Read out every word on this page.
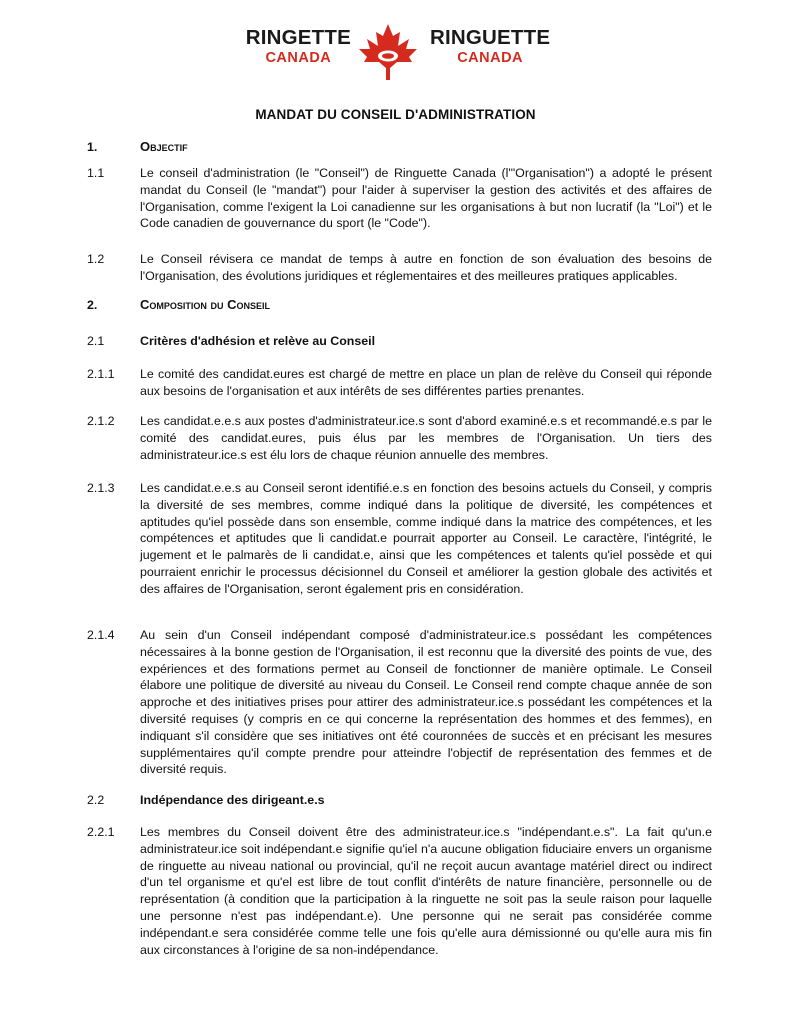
RINGETTE
CANADA
RINGUETTE
CANADA
MANDAT DU CONSEIL D'ADMINISTRATION
1.	Objectif
1.1	Le conseil d'administration (le "Conseil") de Ringuette Canada (l'"Organisation") a adopté le présent mandat du Conseil (le "mandat") pour l'aider à superviser la gestion des activités et des affaires de l'Organisation, comme l'exigent la Loi canadienne sur les organisations à but non lucratif (la "Loi") et le Code canadien de gouvernance du sport (le "Code").
1.2	Le Conseil révisera ce mandat de temps à autre en fonction de son évaluation des besoins de l'Organisation, des évolutions juridiques et réglementaires et des meilleures pratiques applicables.
2.	Composition du Conseil
2.1	Critères d'adhésion et relève au Conseil
2.1.1 Le comité des candidat.eures est chargé de mettre en place un plan de relève du Conseil qui réponde aux besoins de l'organisation et aux intérêts de ses différentes parties prenantes.
2.1.2 Les candidat.e.e.s aux postes d'administrateur.ice.s sont d'abord examiné.e.s et recommandé.e.s par le comité des candidat.eures, puis élus par les membres de l'Organisation. Un tiers des administrateur.ice.s est élu lors de chaque réunion annuelle des membres.
2.1.3 Les candidat.e.e.s au Conseil seront identifié.e.s en fonction des besoins actuels du Conseil, y compris la diversité de ses membres, comme indiqué dans la politique de diversité, les compétences et aptitudes qu'iel possède dans son ensemble, comme indiqué dans la matrice des compétences, et les compétences et aptitudes que li candidat.e pourrait apporter au Conseil. Le caractère, l'intégrité, le jugement et le palmarès de li candidat.e, ainsi que les compétences et talents qu'iel possède et qui pourraient enrichir le processus décisionnel du Conseil et améliorer la gestion globale des activités et des affaires de l'Organisation, seront également pris en considération.
2.1.4 Au sein d'un Conseil indépendant composé d'administrateur.ice.s possédant les compétences nécessaires à la bonne gestion de l'Organisation, il est reconnu que la diversité des points de vue, des expériences et des formations permet au Conseil de fonctionner de manière optimale. Le Conseil élabore une politique de diversité au niveau du Conseil. Le Conseil rend compte chaque année de son approche et des initiatives prises pour attirer des administrateur.ice.s possédant les compétences et la diversité requises (y compris en ce qui concerne la représentation des hommes et des femmes), en indiquant s'il considère que ses initiatives ont été couronnées de succès et en précisant les mesures supplémentaires qu'il compte prendre pour atteindre l'objectif de représentation des femmes et de diversité requis.
2.2	Indépendance des dirigeant.e.s
2.2.1 Les membres du Conseil doivent être des administrateur.ice.s "indépendant.e.s". La fait qu'un.e administrateur.ice soit indépendant.e signifie qu'iel n'a aucune obligation fiduciaire envers un organisme de ringuette au niveau national ou provincial, qu'il ne reçoit aucun avantage matériel direct ou indirect d'un tel organisme et qu'el est libre de tout conflit d'intérêts de nature financière, personnelle ou de représentation (à condition que la participation à la ringuette ne soit pas la seule raison pour laquelle une personne n'est pas indépendant.e). Une personne qui ne serait pas considérée comme indépendant.e sera considérée comme telle une fois qu'elle aura démissionné ou qu'elle aura mis fin aux circonstances à l'origine de sa non-indépendance.
